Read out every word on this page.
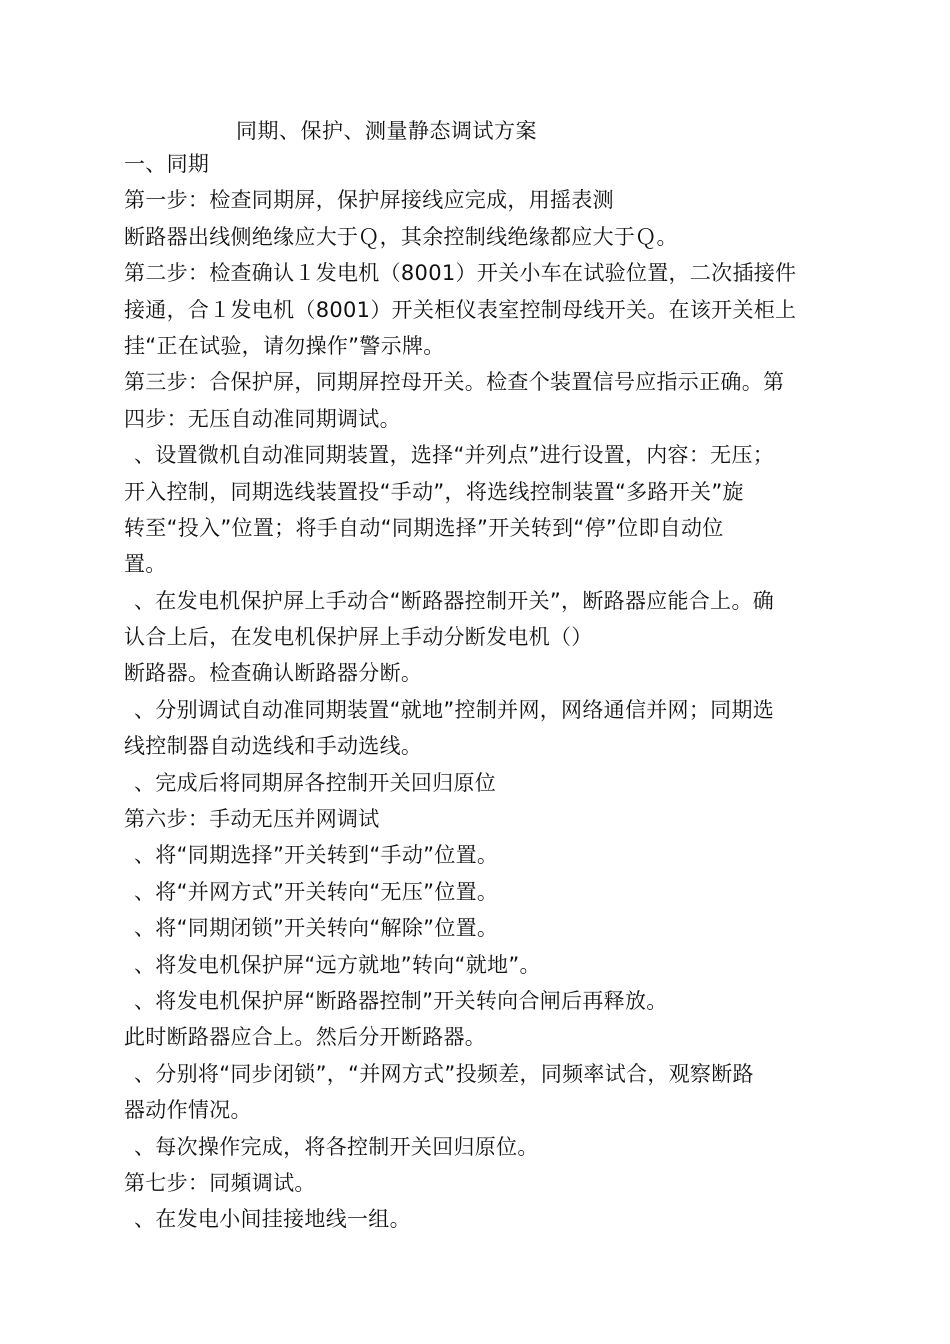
同期、保护、测量静态调试方案
一、同期
第一步：检查同期屏，保护屏接线应完成，用摇表测
断路器出线侧绝缘应大于Ｑ，其余控制线绝缘都应大于Ｑ。
第二步：检查确认１发电机（8001）开关小车在试验位置，二次插接件
接通，合１发电机（8001）开关柜仪表室控制母线开关。在该开关柜上
挂“正在试验，请勿操作”警示牌。
第三步：合保护屏，同期屏控母开关。检查个装置信号应指示正确。第
四步：无压自动准同期调试。
、设置微机自动准同期装置，选择“并列点”进行设置，内容：无压；
开入控制，同期选线装置投“手动”，将选线控制装置“多路开关”旋
转至“投入”位置；将手自动“同期选择”开关转到“停”位即自动位
置。
、在发电机保护屏上手动合“断路器控制开关”，断路器应能合上。确
认合上后，在发电机保护屏上手动分断发电机（）
断路器。检查确认断路器分断。
、分别调试自动准同期装置“就地”控制并网，网络通信并网；同期选
线控制器自动选线和手动选线。
、完成后将同期屏各控制开关回归原位
第六步：手动无压并网调试
、将“同期选择”开关转到“手动”位置。
、将“并网方式”开关转向“无压”位置。
、将“同期闭锁”开关转向“解除”位置。
、将发电机保护屏“远方就地”转向“就地”。
、将发电机保护屏“断路器控制”开关转向合闸后再释放。
此时断路器应合上。然后分开断路器。
、分别将“同步闭锁”，“并网方式”投频差，同频率试合，观察断路
器动作情况。
、每次操作完成，将各控制开关回归原位。
第七步：同頻调试。
、在发电小间挂接地线一组。
